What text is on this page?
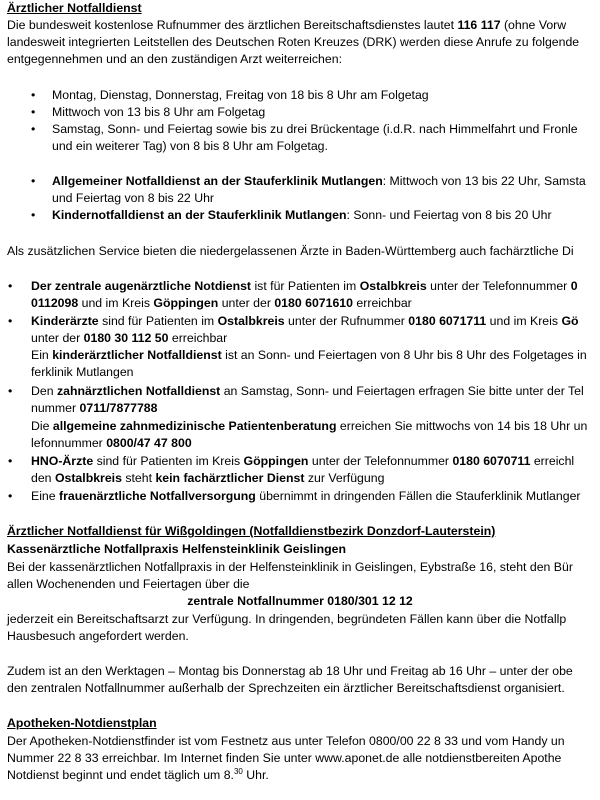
Ärztlicher Notfalldienst
Die bundesweit kostenlose Rufnummer des ärztlichen Bereitschaftsdienstes lautet 116 117 (ohne Vorw
landesweit integrierten Leitstellen des Deutschen Roten Kreuzes (DRK) werden diese Anrufe zu folgende
entgegennehmen und an den zuständigen Arzt weiterreichen:
• Montag, Dienstag, Donnerstag, Freitag von 18 bis 8 Uhr am Folgetag
• Mittwoch von 13 bis 8 Uhr am Folgetag
• Samstag, Sonn- und Feiertag sowie bis zu drei Brückentage (i.d.R. nach Himmelfahrt und Fronle
und ein weiterer Tag) von 8 bis 8 Uhr am Folgetag.
• Allgemeiner Notfalldienst an der Stauferklinik Mutlangen: Mittwoch von 13 bis 22 Uhr, Samsta
und Feiertag von 8 bis 22 Uhr
• Kindernotfalldienst an der Stauferklinik Mutlangen: Sonn- und Feiertag von 8 bis 20 Uhr
Als zusätzlichen Service bieten die niedergelassenen Ärzte in Baden-Württemberg auch fachärztliche Di
• Der zentrale augenärztliche Notdienst ist für Patienten im Ostalbkreis unter der Telefonnummer 0
0112098 und im Kreis Göppingen unter der 0180 6071610 erreichbar
• Kinderärzte sind für Patienten im Ostalbkreis unter der Rufnummer 0180 6071711 und im Kreis Gö
unter der 0180 30 112 50 erreichbar
Ein kinderärztlicher Notfalldienst ist an Sonn- und Feiertagen von 8 Uhr bis 8 Uhr des Folgetages in
ferklinik Mutlangen
• Den zahnärztlichen Notfalldienst an Samstag, Sonn- und Feiertagen erfragen Sie bitte unter der Tel
nummer 0711/7877788
Die allgemeine zahnmedizinische Patientenberatung erreichen Sie mittwochs von 14 bis 18 Uhr un
lefonnummer 0800/47 47 800
• HNO-Ärzte sind für Patienten im Kreis Göppingen unter der Telefonnummer 0180 6070711 erreichl
den Ostalbkreis steht kein fachärztlicher Dienst zur Verfügung
• Eine frauenärztliche Notfallversorgung übernimmt in dringenden Fällen die Stauferklinik Mutlanger
Ärztlicher Notfalldienst für Wißgoldingen (Notfalldienstbezirk Donzdorf-Lauterstein)
Kassenärztliche Notfallpraxis Helfensteinklinik Geislingen
Bei der kassenärztlichen Notfallpraxis in der Helfensteinklinik in Geislingen, Eybstraße 16, steht den Bür
allen Wochenenden und Feiertagen über die
zentrale Notfallnummer 0180/301 12 12
jederzeit ein Bereitschaftsarzt zur Verfügung. In dringenden, begründeten Fällen kann über die Notfallp
Hausbesuch angefordert werden.
Zudem ist an den Werktagen – Montag bis Donnerstag ab 18 Uhr und Freitag ab 16 Uhr – unter der obe
den zentralen Notfallnummer außerhalb der Sprechzeiten ein ärztlicher Bereitschaftsdienst organisiert.
Apotheken-Notdienstplan
Der Apotheken-Notdienstfinder ist vom Festnetz aus unter Telefon 0800/00 22 8 33 und vom Handy un
Nummer 22 8 33 erreichbar. Im Internet finden Sie unter www.aponet.de alle notdienstbereiten Apothe
Notdienst beginnt und endet täglich um 8.30 Uhr.
